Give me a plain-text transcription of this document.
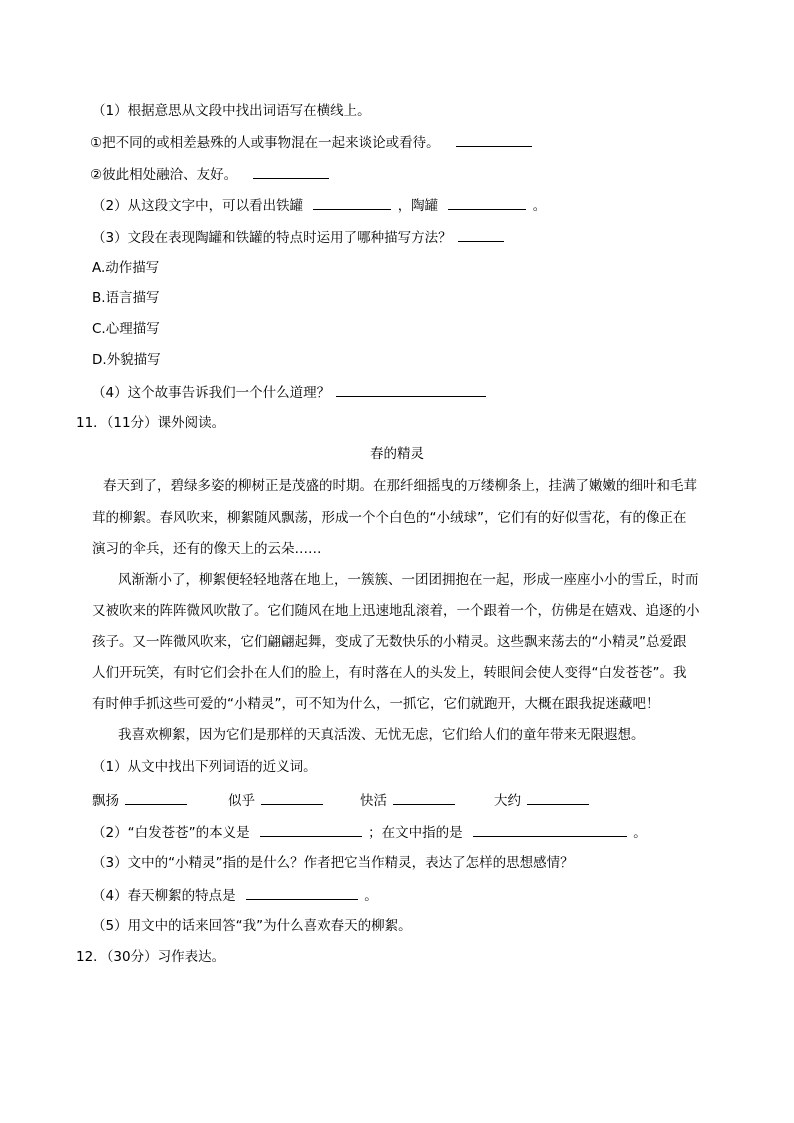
（1）根据意思从文段中找出词语写在横线上。
①把不同的或相差悬殊的人或事物混在一起来谈论或看待。
②彼此相处融洽、友好。
（2）从这段文字中，可以看出铁罐	，陶罐	。
（3）文段在表现陶罐和铁罐的特点时运用了哪种描写方法？
A.动作描写
B.语言描写
C.心理描写
D.外貌描写
（4）这个故事告诉我们一个什么道理？
11．（11分）课外阅读。
春的精灵
春天到了，碧绿多姿的柳树正是茂盛的时期。在那纤细摇曳的万缕柳条上，挂满了嫩嫩的细叶和毛茸
茸的柳絮。春风吹来，柳絮随风飘荡，形成一个个白色的“小绒球”，它们有的好似雪花，有的像正在
演习的伞兵，还有的像天上的云朵……
风渐渐小了，柳絮便轻轻地落在地上，一簇簇、一团团拥抱在一起，形成一座座小小的雪丘，时而
又被吹来的阵阵微风吹散了。它们随风在地上迅速地乱滚着，一个跟着一个，仿佛是在嬉戏、追逐的小
孩子。又一阵微风吹来，它们翩翩起舞，变成了无数快乐的小精灵。这些飘来荡去的“小精灵”总爱跟
人们开玩笑，有时它们会扑在人们的脸上，有时落在人的头发上，转眼间会使人变得“白发苍苍”。我
有时伸手抓这些可爱的“小精灵”，可不知为什么，一抓它，它们就跑开，大概在跟我捉迷藏吧！
我喜欢柳絮，因为它们是那样的天真活泼、无忧无虑，它们给人们的童年带来无限遐想。
（1）从文中找出下列词语的近义词。
飘扬	似乎	快活	大约
（2）“白发苍苍”的本义是	；在文中指的是	。
（3）文中的“小精灵”指的是什么？作者把它当作精灵，表达了怎样的思想感情？
（4）春天柳絮的特点是	。
（5）用文中的话来回答“我”为什么喜欢春天的柳絮。
12．（30分）习作表达。
